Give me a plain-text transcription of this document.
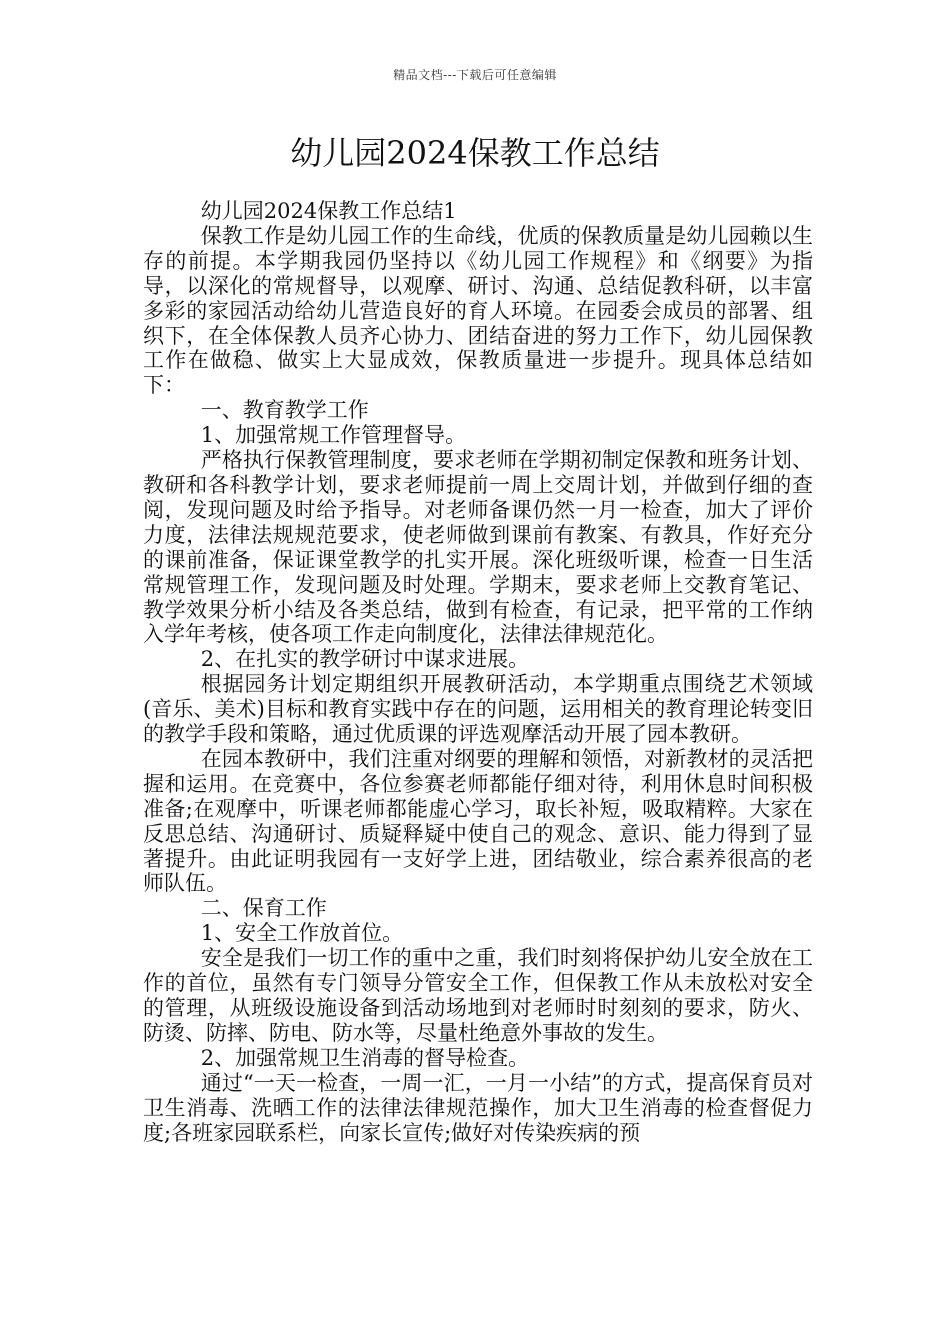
精品文档---下载后可任意编辑
幼儿园2024保教工作总结

幼儿园2024保教工作总结1

保教工作是幼儿园工作的生命线，优质的保教质量是幼儿园赖以生存的前提。本学期我园仍坚持以《幼儿园工作规程》和《纲要》为指导，以深化的常规督导，以观摩、研讨、沟通、总结促教科研，以丰富多彩的家园活动给幼儿营造良好的育人环境。在园委会成员的部署、组织下，在全体保教人员齐心协力、团结奋进的努力工作下，幼儿园保教工作在做稳、做实上大显成效，保教质量进一步提升。现具体总结如下：

一、教育教学工作

1、加强常规工作管理督导。

严格执行保教管理制度，要求老师在学期初制定保教和班务计划、教研和各科教学计划，要求老师提前一周上交周计划，并做到仔细的查阅，发现问题及时给予指导。对老师备课仍然一月一检查，加大了评价力度，法律法规规范要求，使老师做到课前有教案、有教具，作好充分的课前准备，保证课堂教学的扎实开展。深化班级听课，检查一日生活常规管理工作，发现问题及时处理。学期末，要求老师上交教育笔记、教学效果分析小结及各类总结，做到有检查，有记录，把平常的工作纳入学年考核，使各项工作走向制度化，法律法律规范化。

2、在扎实的教学研讨中谋求进展。

根据园务计划定期组织开展教研活动，本学期重点围绕艺术领域(音乐、美术)目标和教育实践中存在的问题，运用相关的教育理论转变旧的教学手段和策略，通过优质课的评选观摩活动开展了园本教研。

在园本教研中，我们注重对纲要的理解和领悟，对新教材的灵活把握和运用。在竞赛中，各位参赛老师都能仔细对待，利用休息时间积极准备;在观摩中，听课老师都能虚心学习，取长补短，吸取精粹。大家在反思总结、沟通研讨、质疑释疑中使自己的观念、意识、能力得到了显著提升。由此证明我园有一支好学上进，团结敬业，综合素养很高的老师队伍。

二、保育工作

1、安全工作放首位。

安全是我们一切工作的重中之重，我们时刻将保护幼儿安全放在工作的首位，虽然有专门领导分管安全工作，但保教工作从未放松对安全的管理，从班级设施设备到活动场地到对老师时时刻刻的要求，防火、防烫、防摔、防电、防水等，尽量杜绝意外事故的发生。

2、加强常规卫生消毒的督导检查。

通过“一天一检查，一周一汇，一月一小结”的方式，提高保育员对卫生消毒、洗晒工作的法律法律规范操作，加大卫生消毒的检查督促力度;各班家园联系栏，向家长宣传;做好对传染疾病的预
